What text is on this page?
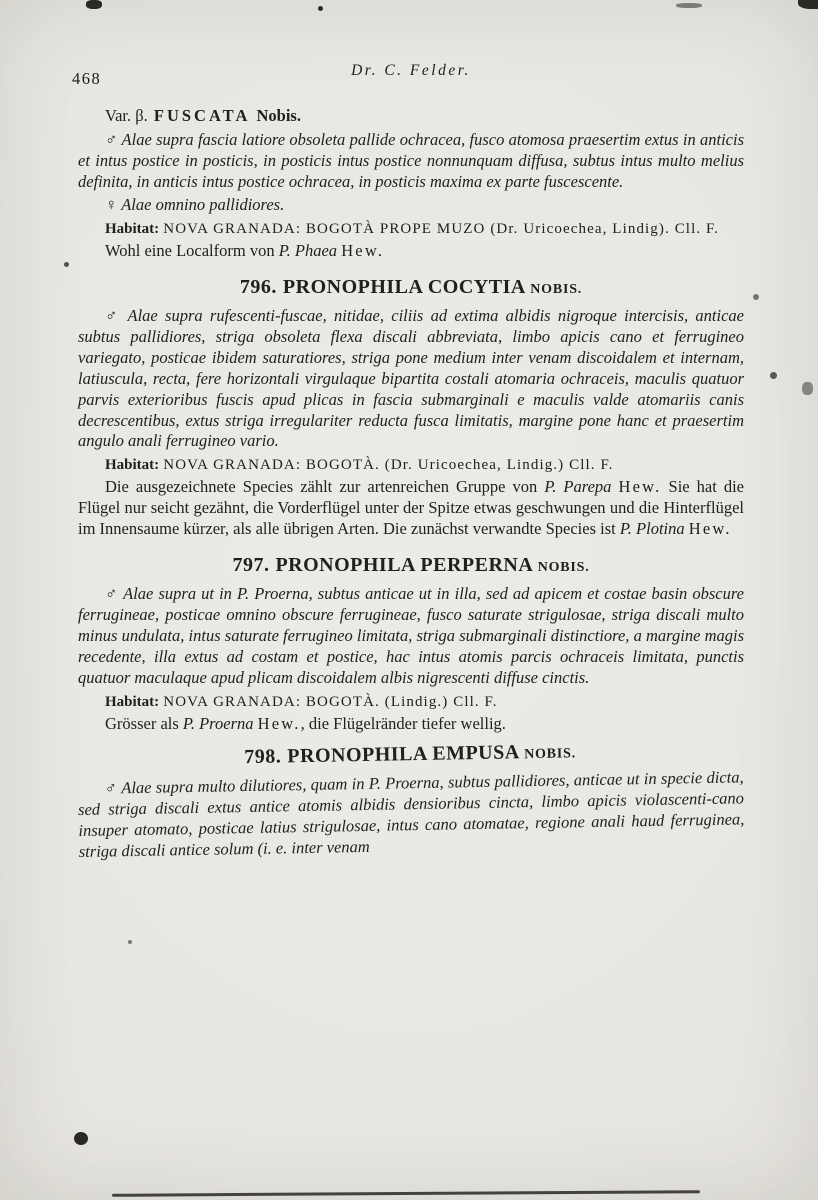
468	Dr. C. Felder.

Var. β. FUSCATA Nobis.

♂ Alae supra fascia latiore obsoleta pallide ochracea, fusco atomosa praesertim extus in anticis et intus postice in posticis, in posticis intus postice nonnunquam diffusa, subtus intus multo melius definita, in anticis intus postice ochracea, in posticis maxima ex parte fuscescente.

♀ Alae omnino pallidiores.

Habitat: NOVA GRANADA: BOGOTÀ PROPE MUZO (Dr. Uricoechea, Lindig). Cll. F.

Wohl eine Localform von P. Phaea Hew.

796. PRONOPHILA COCYTIA NOBIS.

♂ Alae supra rufescenti-fuscae, nitidae, ciliis ad extima albidis nigroque intercisis, anticae subtus pallidiores, striga obsoleta flexa discali abbreviata, limbo apicis cano et ferrugineo variegato, posticae ibidem saturatiores, striga pone medium inter venam discoidalem et internam, latiuscula, recta, fere horizontali virgulaque bipartita costali atomaria ochraceis, maculis quatuor parvis exterioribus fuscis apud plicas in fascia submarginali e maculis valde atomariis canis decrescentibus, extus striga irregulariter reducta fusca limitatis, margine pone hanc et praesertim angulo anali ferrugineo vario.

Habitat: NOVA GRANADA: BOGOTÀ. (Dr. Uricoechea, Lindig.) Cll. F.

Die ausgezeichnete Species zählt zur artenreichen Gruppe von P. Parepa Hew. Sie hat die Flügel nur seicht gezähnt, die Vorderflügel unter der Spitze etwas geschwungen und die Hinterflügel im Innensaume kürzer, als alle übrigen Arten. Die zunächst verwandte Species ist P. Plotina Hew.

797. PRONOPHILA PERPERNA NOBIS.

♂ Alae supra ut in P. Proerna, subtus anticae ut in illa, sed ad apicem et costae basin obscure ferrugineae, posticae omnino obscure ferrugineae, fusco saturate strigulosae, striga discali multo minus undulata, intus saturate ferrugineo limitata, striga submarginali distinctiore, a margine magis recedente, illa extus ad costam et postice, hac intus atomis parcis ochraceis limitata, punctis quatuor maculaque apud plicam discoidalem albis nigrescenti diffuse cinctis.

Habitat: NOVA GRANADA: BOGOTÀ. (Lindig.) Cll. F.

Grösser als P. Proerna Hew., die Flügelränder tiefer wellig.

798. PRONOPHILA EMPUSA NOBIS.

♂ Alae supra multo dilutiores, quam in P. Proerna, subtus pallidiores, anticae ut in specie dicta, sed striga discali extus antice atomis albidis densioribus cincta, limbo apicis violascenti-cano insuper atomato, posticae latius strigulosae, intus cano atomatae, regione anali haud ferruginea, striga discali antice solum (i. e. inter venam
